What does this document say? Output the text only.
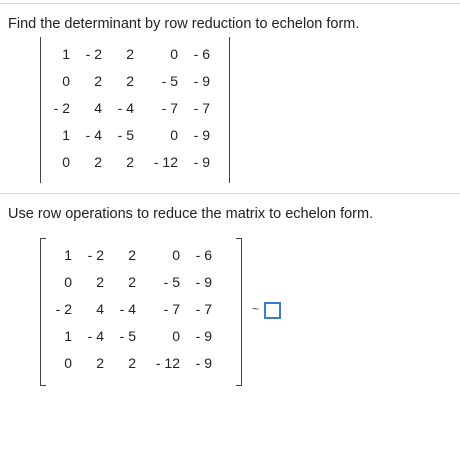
Find the determinant by row reduction to echelon form.
1	- 2	2	0	- 6
0	2	2	- 5	- 9
- 2	4	- 4	- 7	- 7
1	- 4	- 5	0	- 9
0	2	2	- 12	- 9
Use row operations to reduce the matrix to echelon form.
1	- 2	2	0	- 6
0	2	2	- 5	- 9
- 2	4	- 4	- 7	- 7
1	- 4	- 5	0	- 9
0	2	2	- 12	- 9
~
